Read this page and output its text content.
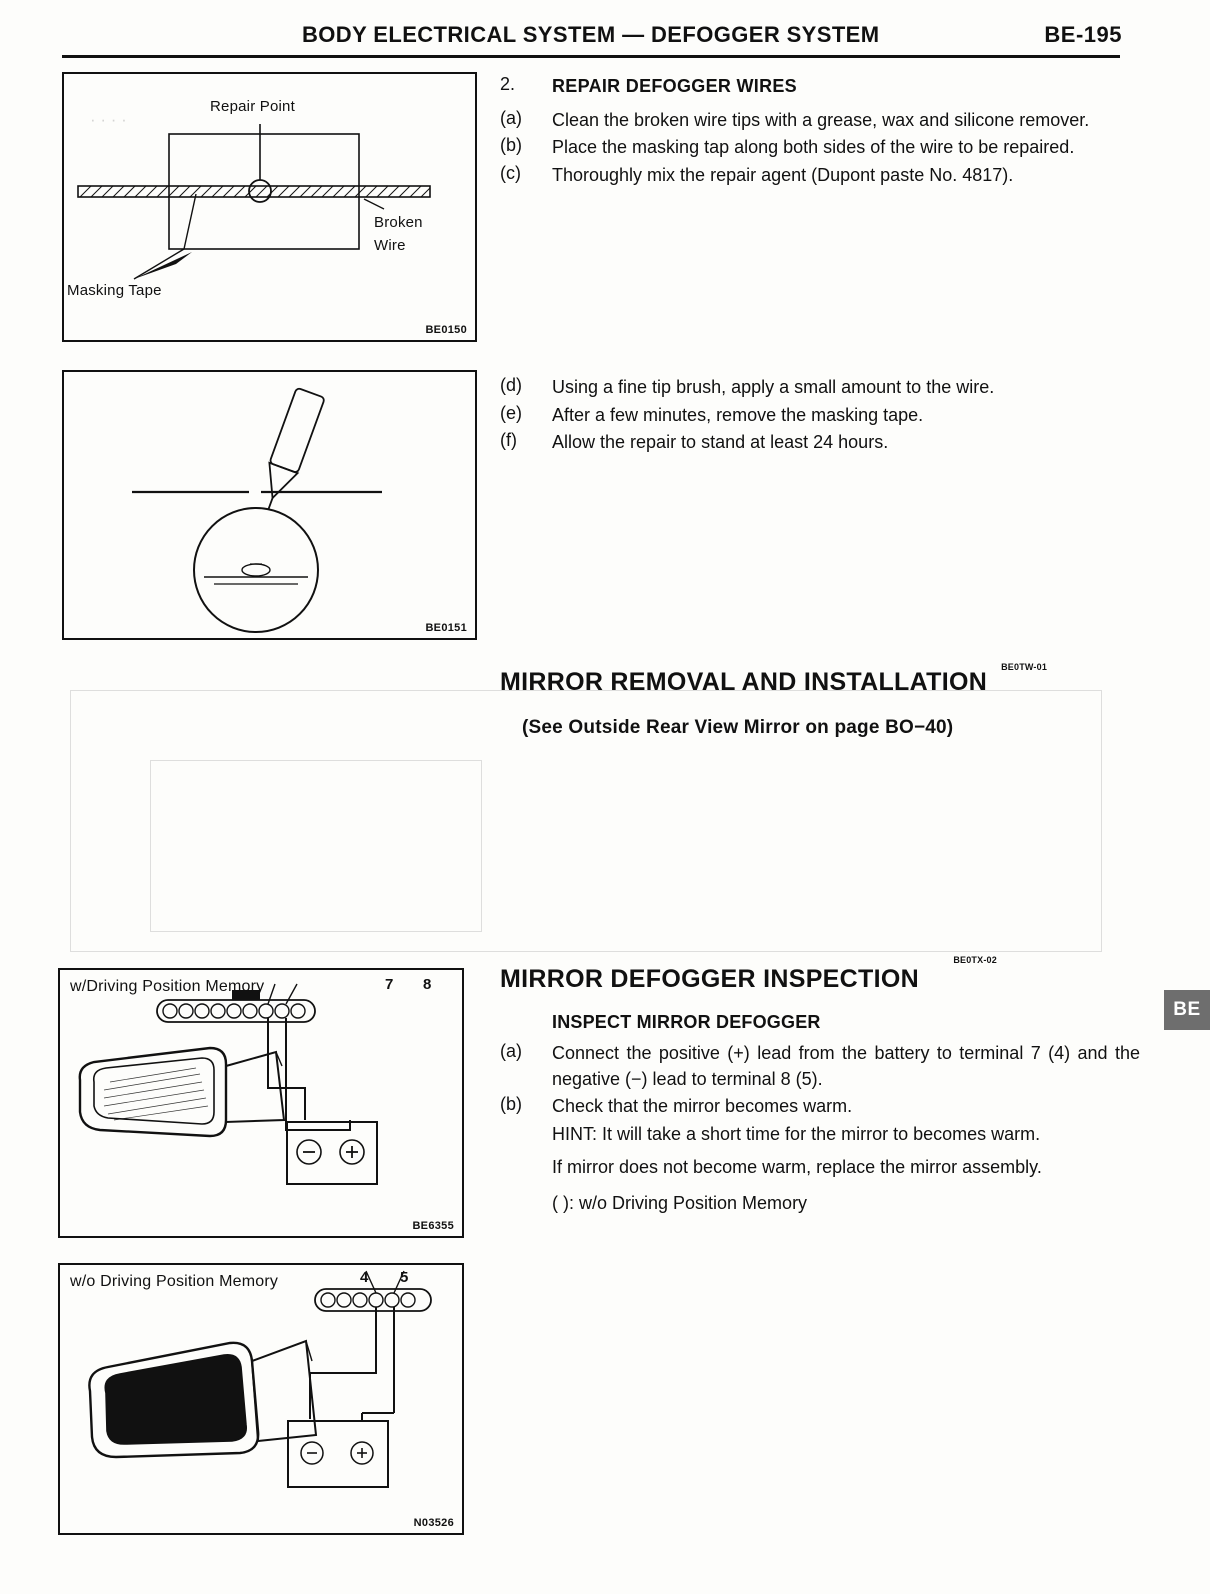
· · · ·
BODY ELECTRICAL SYSTEM — DEFOGGER SYSTEM	BE-195
Repair Point
Broken
Wire
Masking Tape
BE0150
BE0151
2.	REPAIR DEFOGGER WIRES
(a)	Clean the broken wire tips with a grease, wax and silicone remover.
(b)	Place the masking tap along both sides of the wire to be repaired.
(c)	Thoroughly mix the repair agent (Dupont paste No. 4817).
(d)	Using a fine tip brush, apply a small amount to the wire.
(e)	After a few minutes, remove the masking tape.
(f)	Allow the repair to stand at least 24 hours.
MIRROR REMOVAL AND INSTALLATION
BE0TW-01
(See Outside Rear View Mirror on page BO−40)
w/Driving Position Memory	7 8
BE6355
w/o Driving Position Memory	4 5
N03526
MIRROR DEFOGGER INSPECTION
BE0TX-02
INSPECT MIRROR DEFOGGER
(a)	Connect the positive (+) lead from the battery to terminal 7 (4) and the negative (−) lead to terminal 8 (5).
(b)	Check that the mirror becomes warm.
HINT: It will take a short time for the mirror to becomes warm.
If mirror does not become warm, replace the mirror assembly.
( ): w/o Driving Position Memory
BE
